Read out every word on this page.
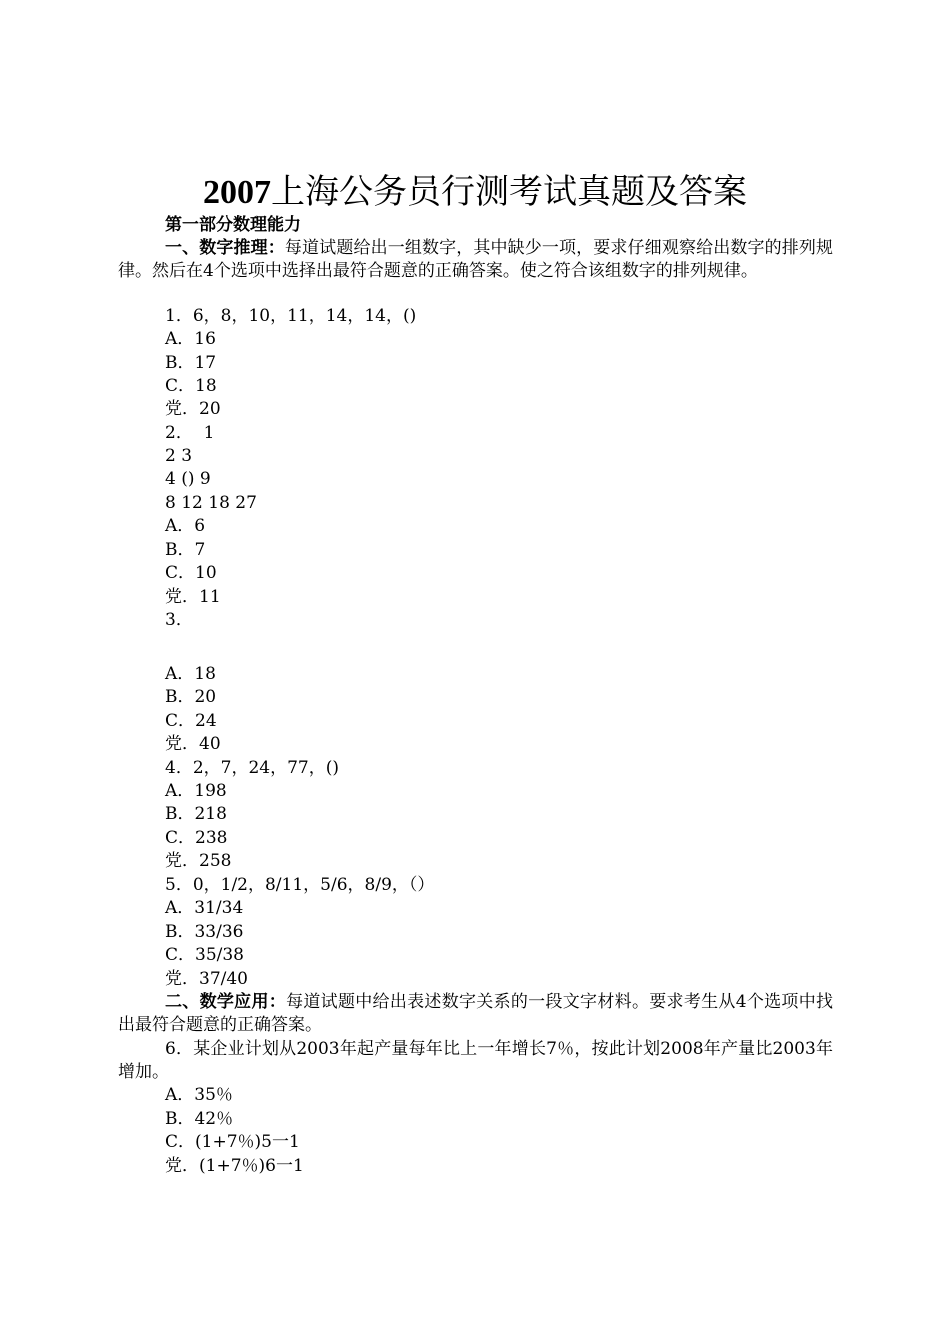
2007上海公务员行测考试真题及答案
第一部分数理能力
一、数字推理：每道试题给出一组数字，其中缺少一项，要求仔细观察给出数字的排列规律。然后在4个选项中选择出最符合题意的正确答案。使之符合该组数字的排列规律。
1．6，8，10，11，14，14，()
A．16
B．17
C．18
党．20
2．  1
2 3
4 () 9
8 12 18 27
A．6
B．7
C．10
党．11
3．
A．18
B．20
C．24
党．40
4．2，7，24，77，()
A．198
B．218
C．238
党．258
5．0，1/2，8/11，5/6，8/9，（）
A．31/34
B．33/36
C．35/38
党．37/40
二、数学应用：每道试题中给出表述数字关系的一段文字材料。要求考生从4个选项中找出最符合题意的正确答案。
6．某企业计划从2003年起产量每年比上一年增长7％，按此计划2008年产量比2003年增加。
A．35％
B．42％
C．(1+7％)5一1
党．(1+7％)6一1
